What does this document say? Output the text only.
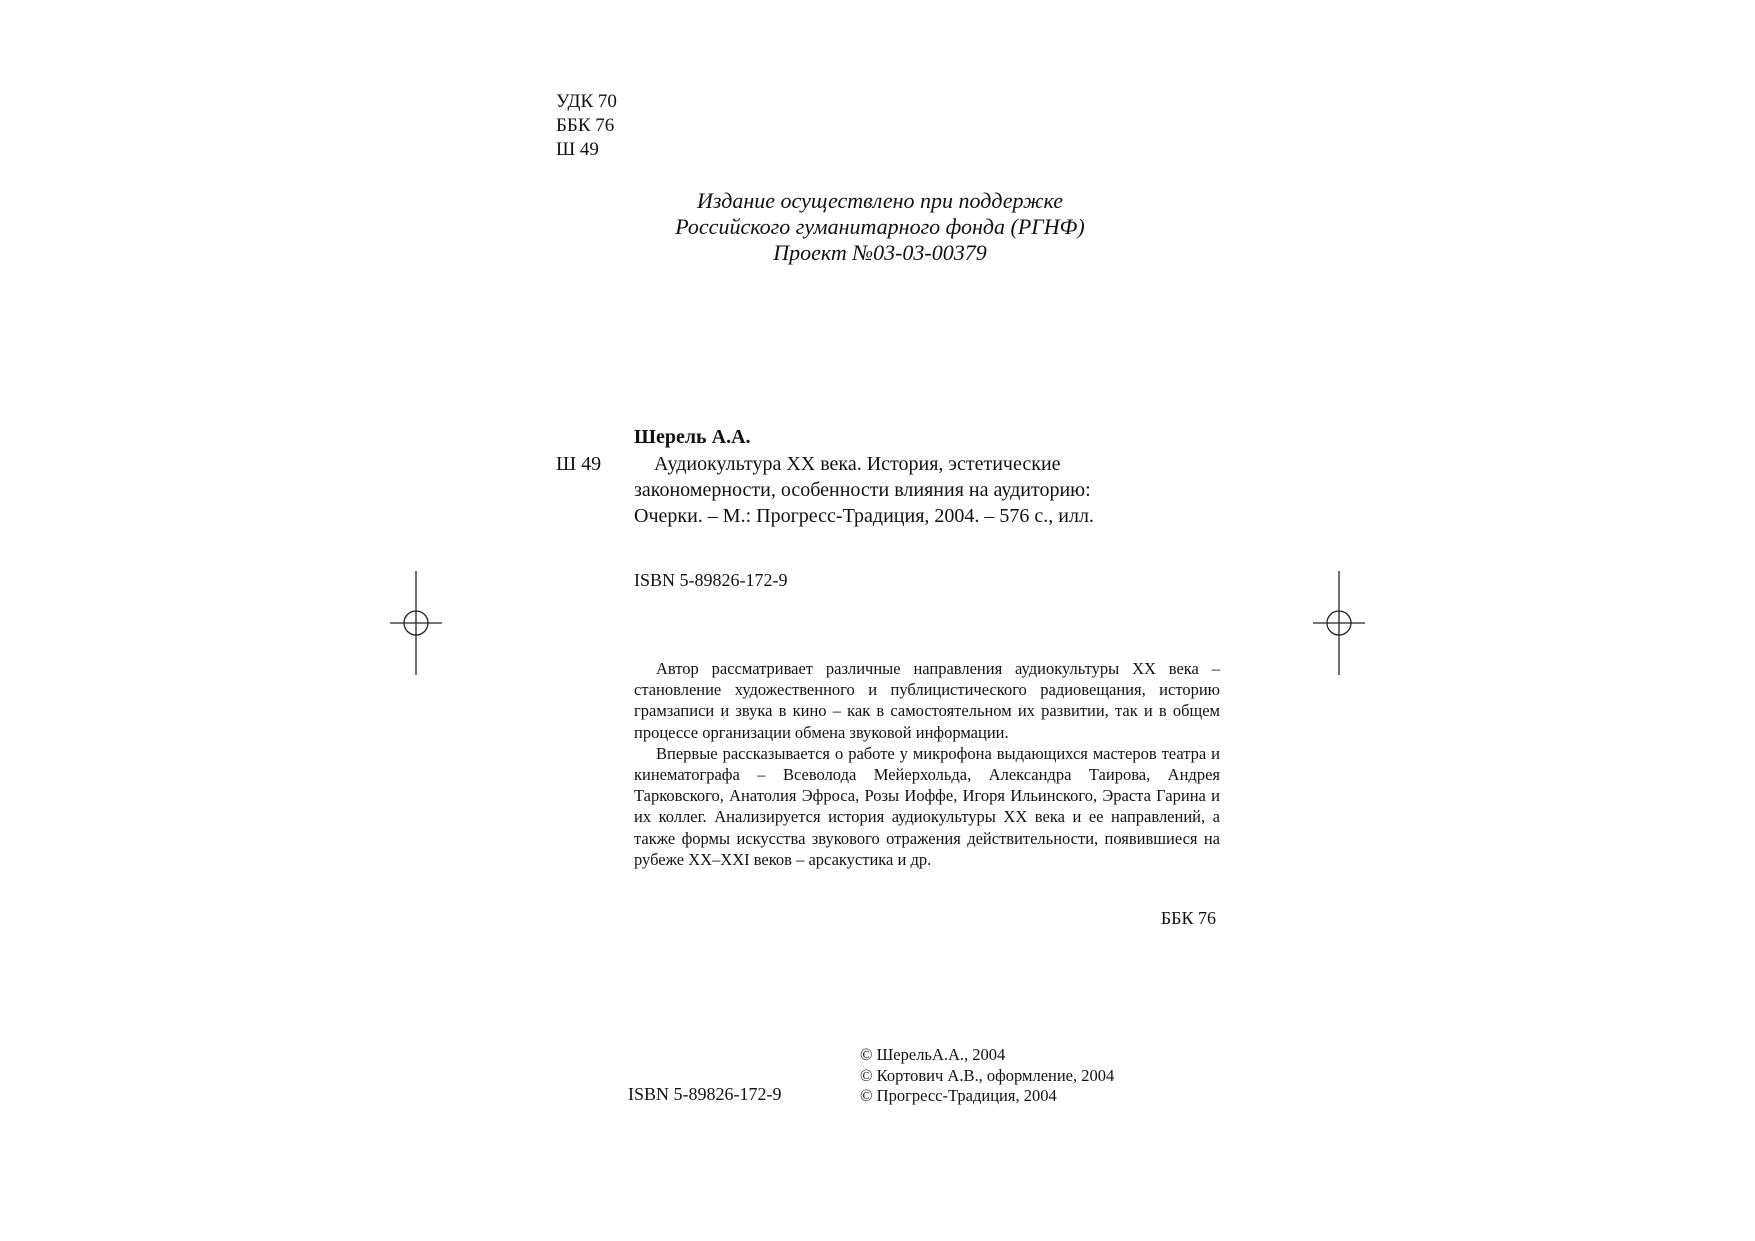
УДК 70
ББК 76
Ш 49
Издание осуществлено при поддержке
Российского гуманитарного фонда (РГНФ)
Проект №03-03-00379
Шерель А.А.
Ш 49	Аудиокультура XX века. История, эстетические
закономерности, особенности влияния на аудиторию:
Очерки. – М.: Прогресс-Традиция, 2004. – 576 с., илл.
ISBN 5-89826-172-9

Автор рассматривает различные направления аудиокультуры XX века – становление художественного и публицистического радиовещания, историю грамзаписи и звука в кино – как в самостоятельном их развитии, так и в общем процессе организации обмена звуковой информации.

Впервые рассказывается о работе у микрофона выдающихся мастеров театра и кинематографа – Всеволода Мейерхольда, Александра Таирова, Андрея Тарковского, Анатолия Эфроса, Розы Иоффе, Игоря Ильинского, Эраста Гарина и их коллег. Анализируется история аудиокультуры XX века и ее направлений, а также формы искусства звукового отражения действительности, появившиеся на рубеже XX–XXI веков – арсакустика и др.

ББК 76
ISBN 5-89826-172-9
© ШерельА.А., 2004
© Кортович А.В., оформление, 2004
© Прогресс-Традиция, 2004
